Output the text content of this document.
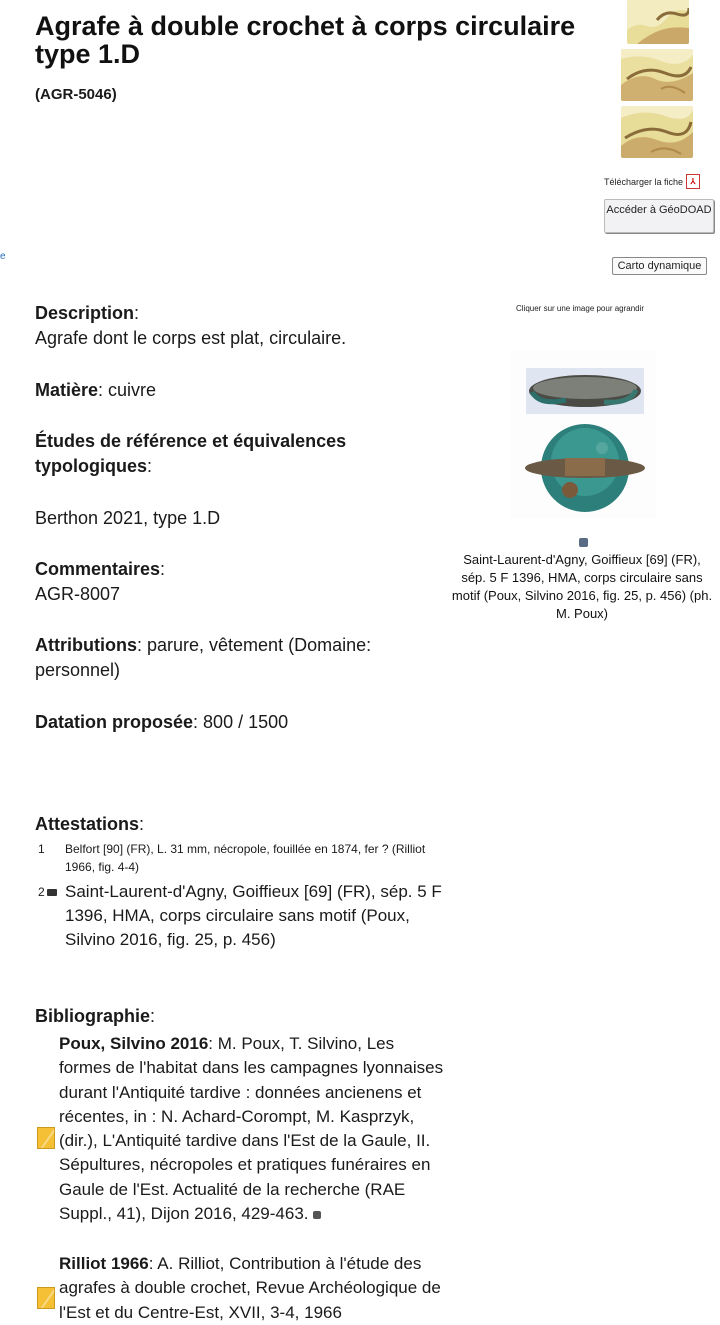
Agrafe à double crochet à corps circulaire type 1.D
(AGR-5046)
Télécharger la fiche ⅄
Accéder à GéoDOAD
Carto dynamique
e
Description:
Agrafe dont le corps est plat, circulaire.
Matière: cuivre
Études de référence et équivalences typologiques:
Berthon 2021, type 1.D
Commentaires:
AGR-8007
Attributions: parure, vêtement (Domaine: personnel)
Datation proposée: 800 / 1500
Attestations:
1	Belfort [90] (FR), L. 31 mm, nécropole, fouillée en 1874, fer ? (Rilliot 1966, fig. 4-4)
2	Saint-Laurent-d'Agny, Goiffieux [69] (FR), sép. 5 F 1396, HMA, corps circulaire sans motif (Poux, Silvino 2016, fig. 25, p. 456)
Bibliographie:
Poux, Silvino 2016: M. Poux, T. Silvino, Les formes de l'habitat dans les campagnes lyonnaises durant l'Antiquité tardive : données ancienens et récentes, in : N. Achard-Corompt, M. Kasprzyk, (dir.), L'Antiquité tardive dans l'Est de la Gaule, II. Sépultures, nécropoles et pratiques funéraires en Gaule de l'Est. Actualité de la recherche (RAE Suppl., 41), Dijon 2016, 429-463.
Rilliot 1966: A. Rilliot, Contribution à l'étude des agrafes à double crochet, Revue Archéologique de l'Est et du Centre-Est, XVII, 3-4, 1966
Cliquer sur une image pour agrandir
Saint-Laurent-d'Agny, Goiffieux [69] (FR), sép. 5 F 1396, HMA, corps circulaire sans motif (Poux, Silvino 2016, fig. 25, p. 456) (ph. M. Poux)
